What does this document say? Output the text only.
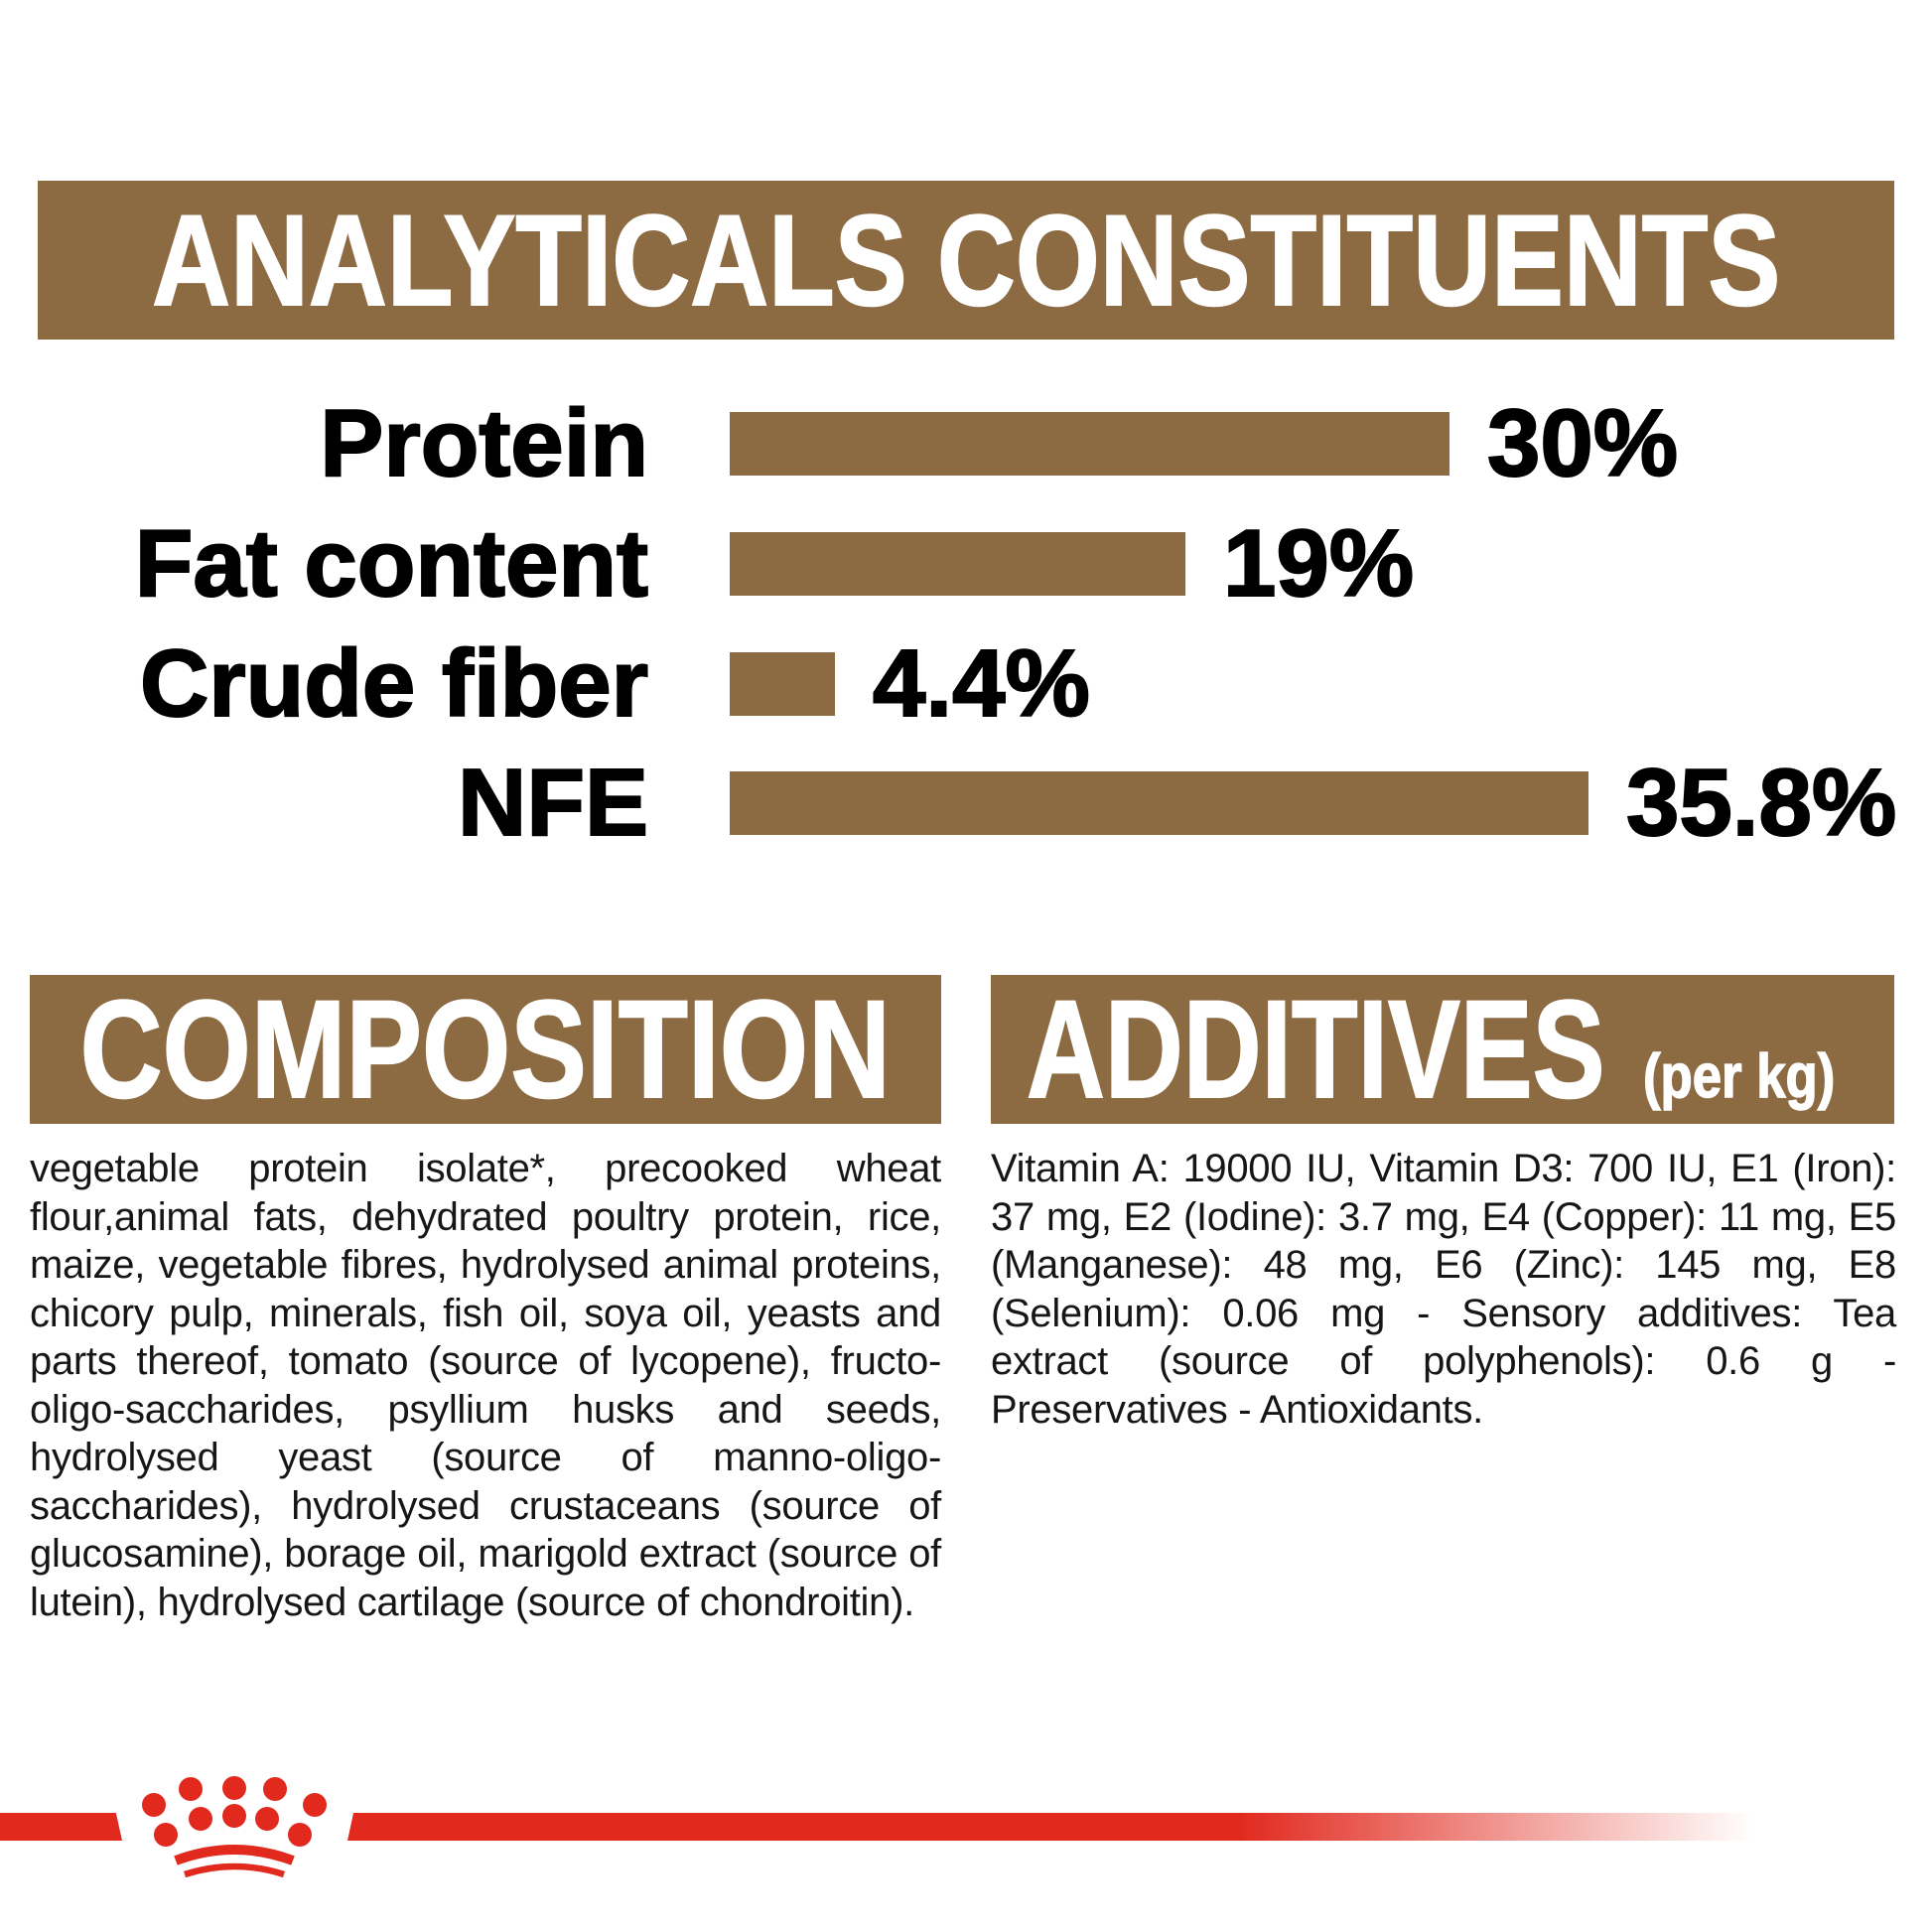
ANALYTICALS CONSTITUENTS
Protein	30%
Fat content	19%
Crude fiber 4.4%
NFE	35.8%
COMPOSITION
vegetable protein isolate*, precooked wheat flour,animal fats, dehydrated poultry protein, rice, maize, vegetable fibres, hydrolysed animal proteins, chicory pulp, minerals, fish oil, soya oil, yeasts and parts thereof, tomato (source of lycopene), fructo-oligo-saccharides, psyllium husks and seeds, hydrolysed yeast (source of manno-oligo-saccharides), hydrolysed crustaceans (source of glucosamine), borage oil, marigold extract (source of lutein), hydrolysed cartilage (source of chondroitin).
ADDITIVES (per kg)
Vitamin A: 19000 IU, Vitamin D3: 700 IU, E1 (Iron): 37 mg, E2 (Iodine): 3.7 mg, E4 (Copper): 11 mg, E5 (Manganese): 48 mg, E6 (Zinc): 145 mg, E8 (Selenium): 0.06 mg - Sensory additives: Tea extract (source of polyphenols): 0.6 g - Preservatives - Antioxidants.
